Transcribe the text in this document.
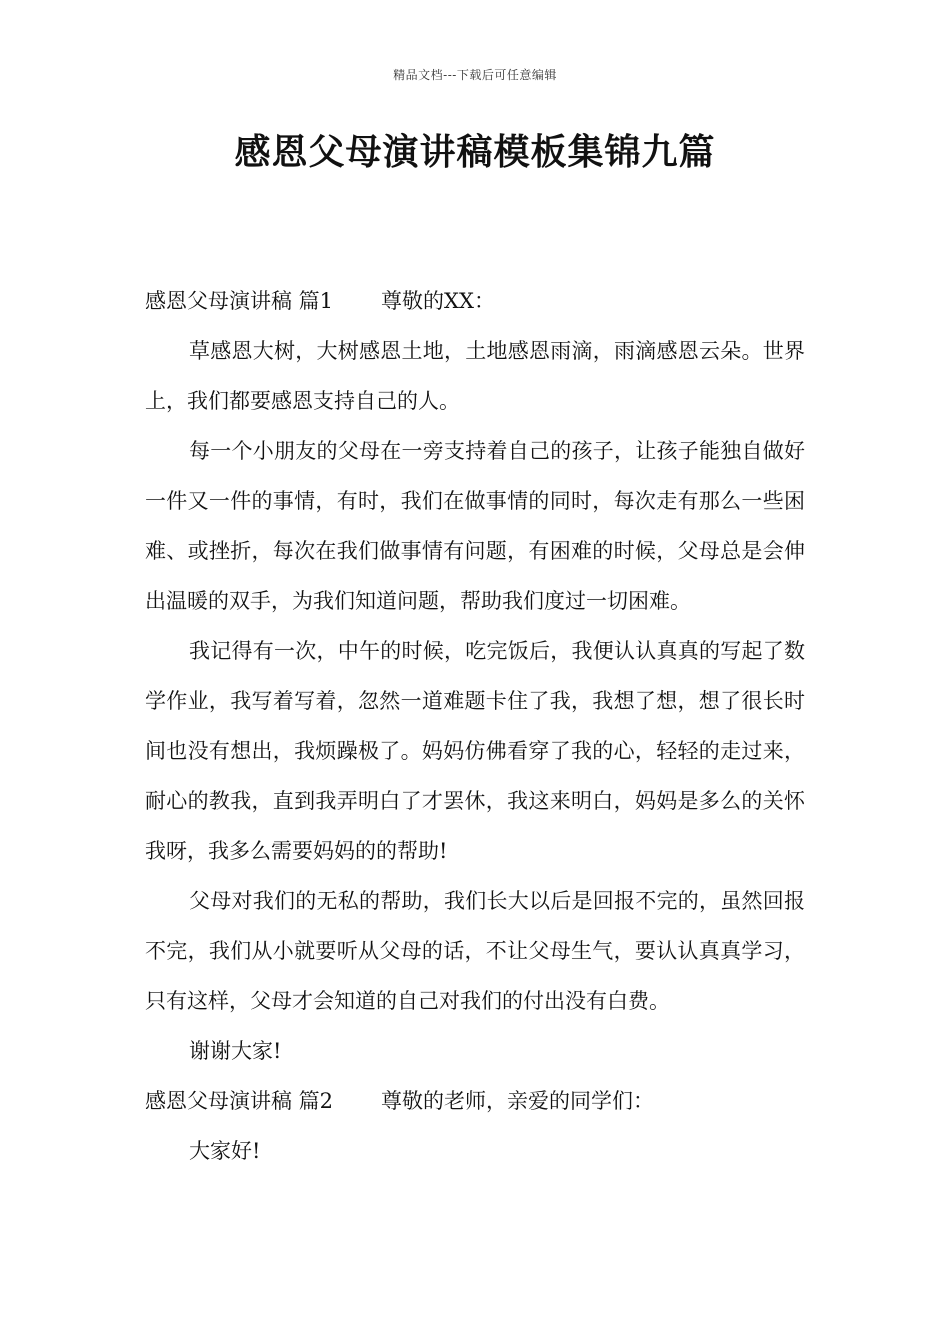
精品文档---下载后可任意编辑
感恩父母演讲稿模板集锦九篇

感恩父母演讲稿 篇1 尊敬的XX：

草感恩大树，大树感恩土地，土地感恩雨滴，雨滴感恩云朵。世界上，我们都要感恩支持自己的人。

每一个小朋友的父母在一旁支持着自己的孩子，让孩子能独自做好一件又一件的事情，有时，我们在做事情的同时，每次走有那么一些困难、或挫折，每次在我们做事情有问题，有困难的时候，父母总是会伸出温暖的双手，为我们知道问题，帮助我们度过一切困难。

我记得有一次，中午的时候，吃完饭后，我便认认真真的写起了数学作业，我写着写着，忽然一道难题卡住了我，我想了想，想了很长时间也没有想出，我烦躁极了。妈妈仿佛看穿了我的心，轻轻的走过来，耐心的教我，直到我弄明白了才罢休，我这来明白，妈妈是多么的关怀我呀，我多么需要妈妈的的帮助!

父母对我们的无私的帮助，我们长大以后是回报不完的，虽然回报不完，我们从小就要听从父母的话，不让父母生气，要认认真真学习，只有这样，父母才会知道的自己对我们的付出没有白费。

谢谢大家!

感恩父母演讲稿 篇2 尊敬的老师，亲爱的同学们：

大家好!
